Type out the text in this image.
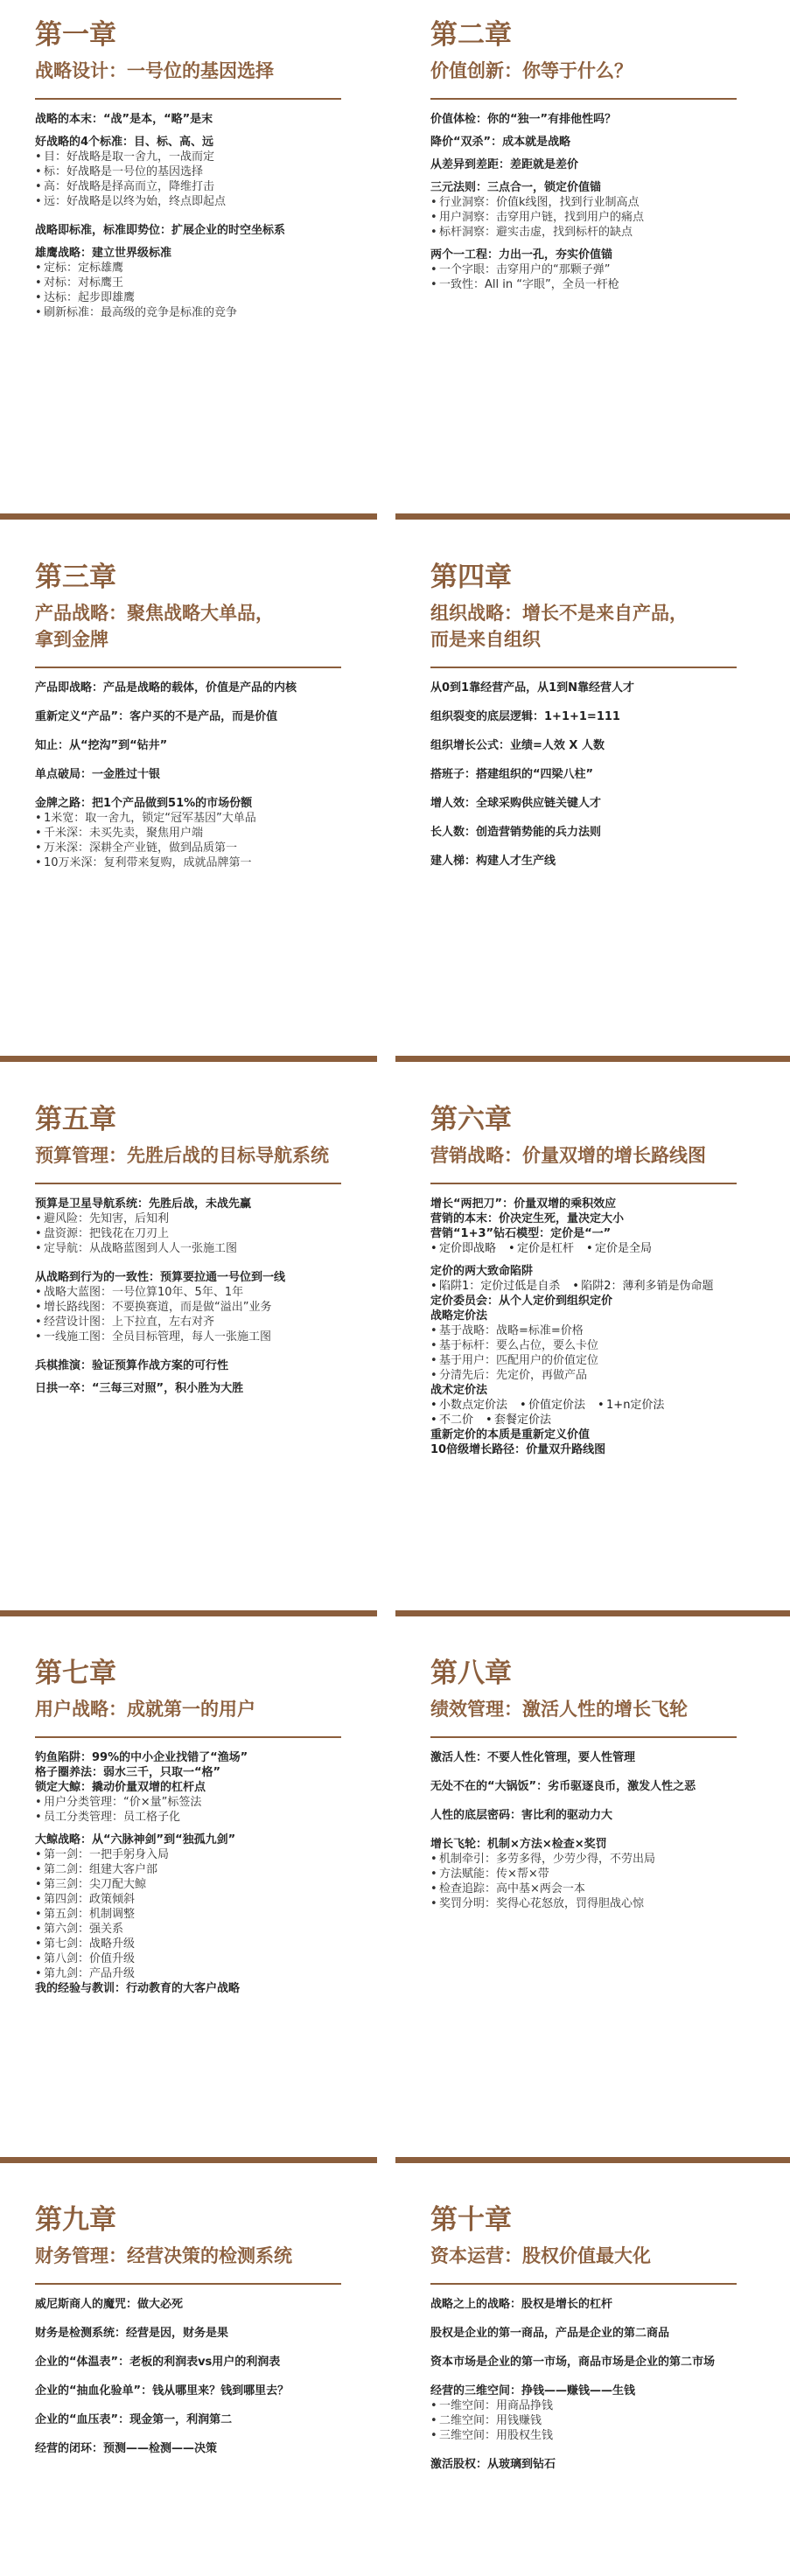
第一章
战略设计：一号位的基因选择
战略的本末：“战”是本，“略”是末
好战略的4个标准：目、标、高、远
• 目：好战略是取一舍九，一战而定
• 标：好战略是一号位的基因选择
• 高：好战略是择高而立，降维打击
• 远：好战略是以终为始，终点即起点
战略即标准，标准即势位：扩展企业的时空坐标系
雄鹰战略：建立世界级标准
• 定标：定标雄鹰
• 对标：对标鹰王
• 达标：起步即雄鹰
• 刷新标准：最高级的竞争是标准的竞争
第二章
价值创新：你等于什么？
价值体检：你的“独一”有排他性吗？
降价“双杀”：成本就是战略
从差异到差距：差距就是差价
三元法则：三点合一，锁定价值锚
• 行业洞察：价值k线图，找到行业制高点
• 用户洞察：击穿用户链，找到用户的痛点
• 标杆洞察：避实击虚，找到标杆的缺点
两个一工程：力出一孔，夯实价值锚
• 一个字眼：击穿用户的“那颗子弹”
• 一致性：All in “字眼”，全员一杆枪
第三章
产品战略：聚焦战略大单品，
拿到金牌
产品即战略：产品是战略的载体，价值是产品的内核
重新定义“产品”：客户买的不是产品，而是价值
知止：从“挖沟”到“钻井”
单点破局：一金胜过十银
金牌之路：把1个产品做到51%的市场份额
• 1米宽：取一舍九，锁定“冠军基因”大单品
• 千米深：未买先卖，聚焦用户端
• 万米深：深耕全产业链，做到品质第一
• 10万米深：复利带来复购，成就品牌第一
第四章
组织战略：增长不是来自产品，
而是来自组织
从0到1靠经营产品，从1到N靠经营人才
组织裂变的底层逻辑：1+1+1=111
组织增长公式：业绩=人效 X 人数
搭班子：搭建组织的“四梁八柱”
增人效：全球采购供应链关键人才
长人数：创造营销势能的兵力法则
建人梯：构建人才生产线
第五章
预算管理：先胜后战的目标导航系统
预算是卫星导航系统：先胜后战，未战先赢
• 避风险：先知害，后知利
• 盘资源：把钱花在刀刃上
• 定导航：从战略蓝图到人人一张施工图
从战略到行为的一致性：预算要拉通一号位到一线
• 战略大蓝图：一号位算10年、5年、1年
• 增长路线图：不要换赛道，而是做“溢出”业务
• 经营设计图：上下拉直，左右对齐
• 一线施工图：全员目标管理，每人一张施工图
兵棋推演：验证预算作战方案的可行性
日拱一卒：“三每三对照”，积小胜为大胜
第六章
营销战略：价量双增的增长路线图
增长“两把刀”：价量双增的乘积效应
营销的本末：价决定生死，量决定大小
营销“1+3”钻石模型：定价是“一”
• 定价即战略 • 定价是杠杆 • 定价是全局
定价的两大致命陷阱
• 陷阱1：定价过低是自杀 • 陷阱2：薄利多销是伪命题
定价委员会：从个人定价到组织定价
战略定价法
• 基于战略：战略=标准=价格
• 基于标杆：要么占位，要么卡位
• 基于用户：匹配用户的价值定位
• 分清先后：先定价，再做产品
战术定价法
• 小数点定价法 • 价值定价法 • 1+n定价法
• 不二价 • 套餐定价法
重新定价的本质是重新定义价值
10倍级增长路径：价量双升路线图
第七章
用户战略：成就第一的用户
钓鱼陷阱：99%的中小企业找错了“渔场”
格子圈养法：弱水三千，只取一“格”
锁定大鲸：撬动价量双增的杠杆点
• 用户分类管理：“价×量”标签法
• 员工分类管理：员工格子化
大鲸战略：从“六脉神剑”到“独孤九剑”
• 第一剑：一把手躬身入局
• 第二剑：组建大客户部
• 第三剑：尖刀配大鲸
• 第四剑：政策倾斜
• 第五剑：机制调整
• 第六剑：强关系
• 第七剑：战略升级
• 第八剑：价值升级
• 第九剑：产品升级
我的经验与教训：行动教育的大客户战略
第八章
绩效管理：激活人性的增长飞轮
激活人性：不要人性化管理，要人性管理
无处不在的“大锅饭”：劣币驱逐良币，激发人性之恶
人性的底层密码：害比利的驱动力大
增长飞轮：机制×方法×检查×奖罚
• 机制牵引：多劳多得，少劳少得，不劳出局
• 方法赋能：传×帮×带
• 检查追踪：高中基×两会一本
• 奖罚分明：奖得心花怒放，罚得胆战心惊
第九章
财务管理：经营决策的检测系统
威尼斯商人的魔咒：做大必死
财务是检测系统：经营是因，财务是果
企业的“体温表”：老板的利润表vs用户的利润表
企业的“抽血化验单”：钱从哪里来？钱到哪里去？
企业的“血压表”：现金第一，利润第二
经营的闭环：预测——检测——决策
第十章
资本运营：股权价值最大化
战略之上的战略：股权是增长的杠杆
股权是企业的第一商品，产品是企业的第二商品
资本市场是企业的第一市场，商品市场是企业的第二市场
经营的三维空间：挣钱——赚钱——生钱
• 一维空间：用商品挣钱
• 二维空间：用钱赚钱
• 三维空间：用股权生钱
激活股权：从玻璃到钻石
